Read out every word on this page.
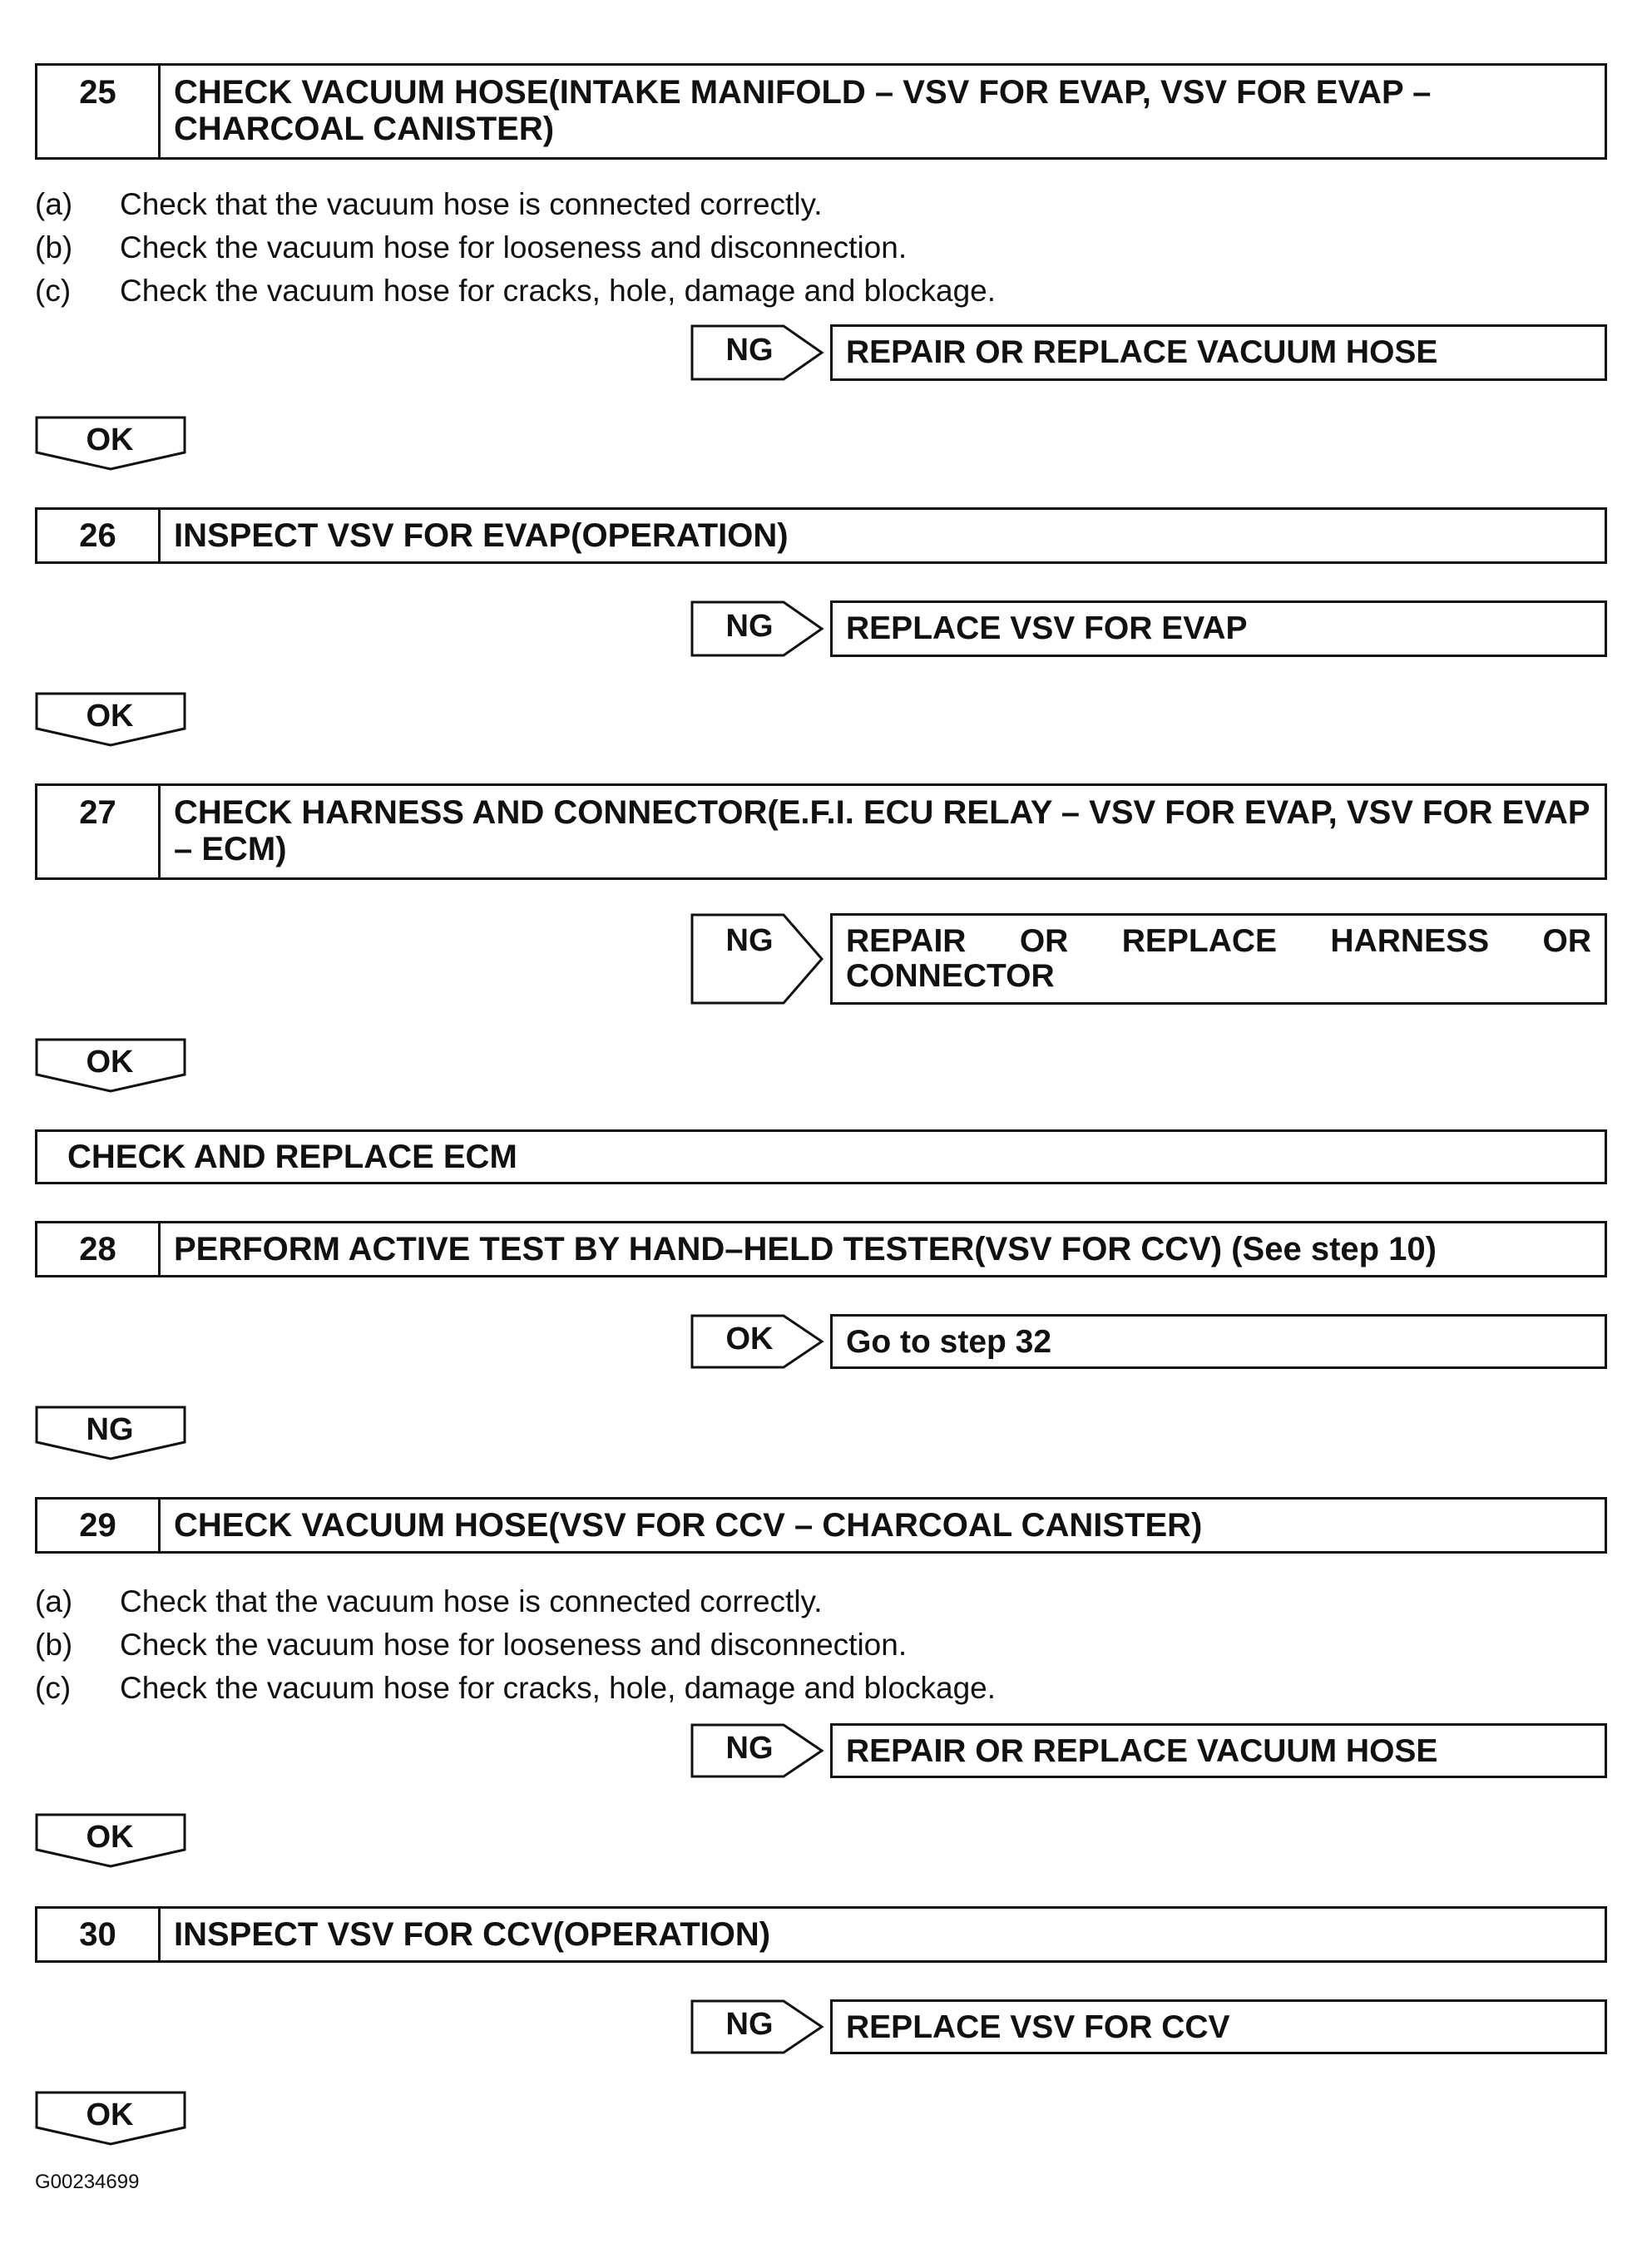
25	CHECK VACUUM HOSE(INTAKE MANIFOLD – VSV FOR EVAP, VSV FOR EVAP – CHARCOAL CANISTER)
(a)	Check that the vacuum hose is connected correctly.
(b)	Check the vacuum hose for looseness and disconnection.
(c)	Check the vacuum hose for cracks, hole, damage and blockage.
NG	REPAIR OR REPLACE VACUUM HOSE
OK
26	INSPECT VSV FOR EVAP(OPERATION)
NG	REPLACE VSV FOR EVAP
OK
27	CHECK HARNESS AND CONNECTOR(E.F.I. ECU RELAY – VSV FOR EVAP, VSV FOR EVAP – ECM)
NG	REPAIR OR REPLACE HARNESS OR CONNECTOR
OK
CHECK AND REPLACE ECM
28	PERFORM ACTIVE TEST BY HAND–HELD TESTER(VSV FOR CCV) (See step 10)
OK	Go to step 32
NG
29	CHECK VACUUM HOSE(VSV FOR CCV – CHARCOAL CANISTER)
(a)	Check that the vacuum hose is connected correctly.
(b)	Check the vacuum hose for looseness and disconnection.
(c)	Check the vacuum hose for cracks, hole, damage and blockage.
NG	REPAIR OR REPLACE VACUUM HOSE
OK
30	INSPECT VSV FOR CCV(OPERATION)
NG	REPLACE VSV FOR CCV
OK
G00234699
